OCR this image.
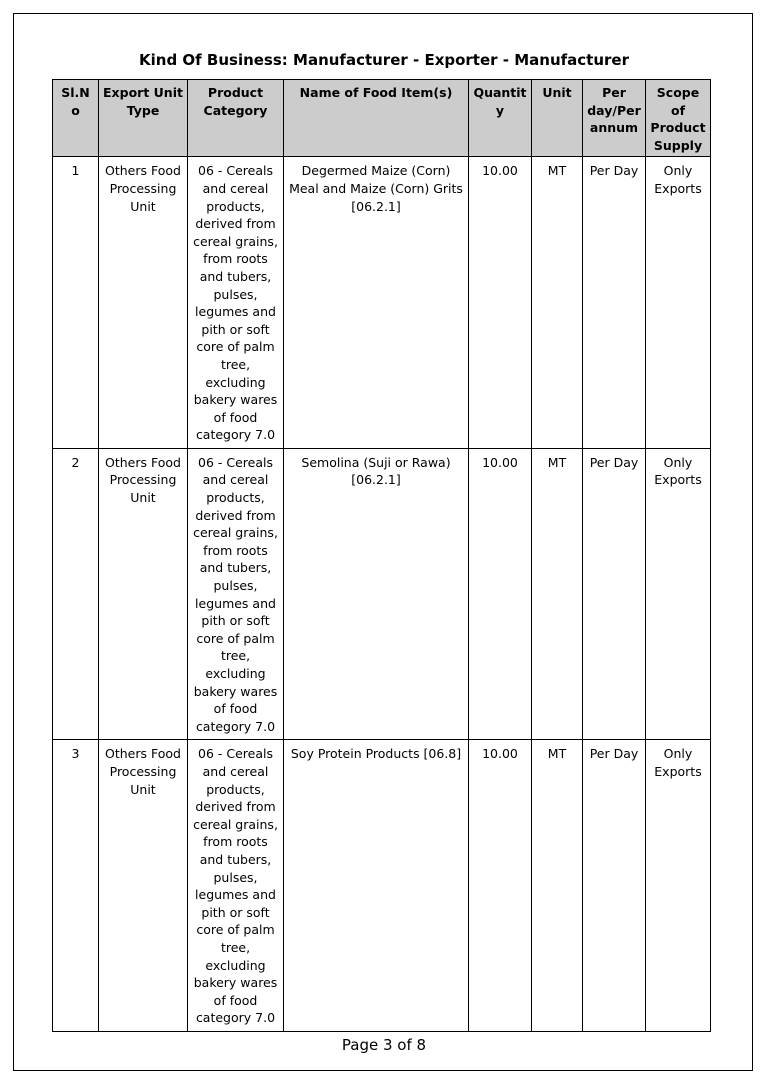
Kind Of Business: Manufacturer - Exporter - Manufacturer
Sl.No	Export Unit Type	Product Category	Name of Food Item(s)	Quantity	Unit	Per day/Per annum	Scope of Product Supply
1	Others Food Processing Unit	06 - Cereals and cereal products, derived from cereal grains, from roots and tubers, pulses, legumes and pith or soft core of palm tree, excluding bakery wares of food category 7.0	Degermed Maize (Corn) Meal and Maize (Corn) Grits [06.2.1]	10.00	MT	Per Day	Only Exports
2	Others Food Processing Unit	06 - Cereals and cereal products, derived from cereal grains, from roots and tubers, pulses, legumes and pith or soft core of palm tree, excluding bakery wares of food category 7.0	Semolina (Suji or Rawa) [06.2.1]	10.00	MT	Per Day	Only Exports
3	Others Food Processing Unit	06 - Cereals and cereal products, derived from cereal grains, from roots and tubers, pulses, legumes and pith or soft core of palm tree, excluding bakery wares of food category 7.0	Soy Protein Products [06.8]	10.00	MT	Per Day	Only Exports
Page 3 of 8
